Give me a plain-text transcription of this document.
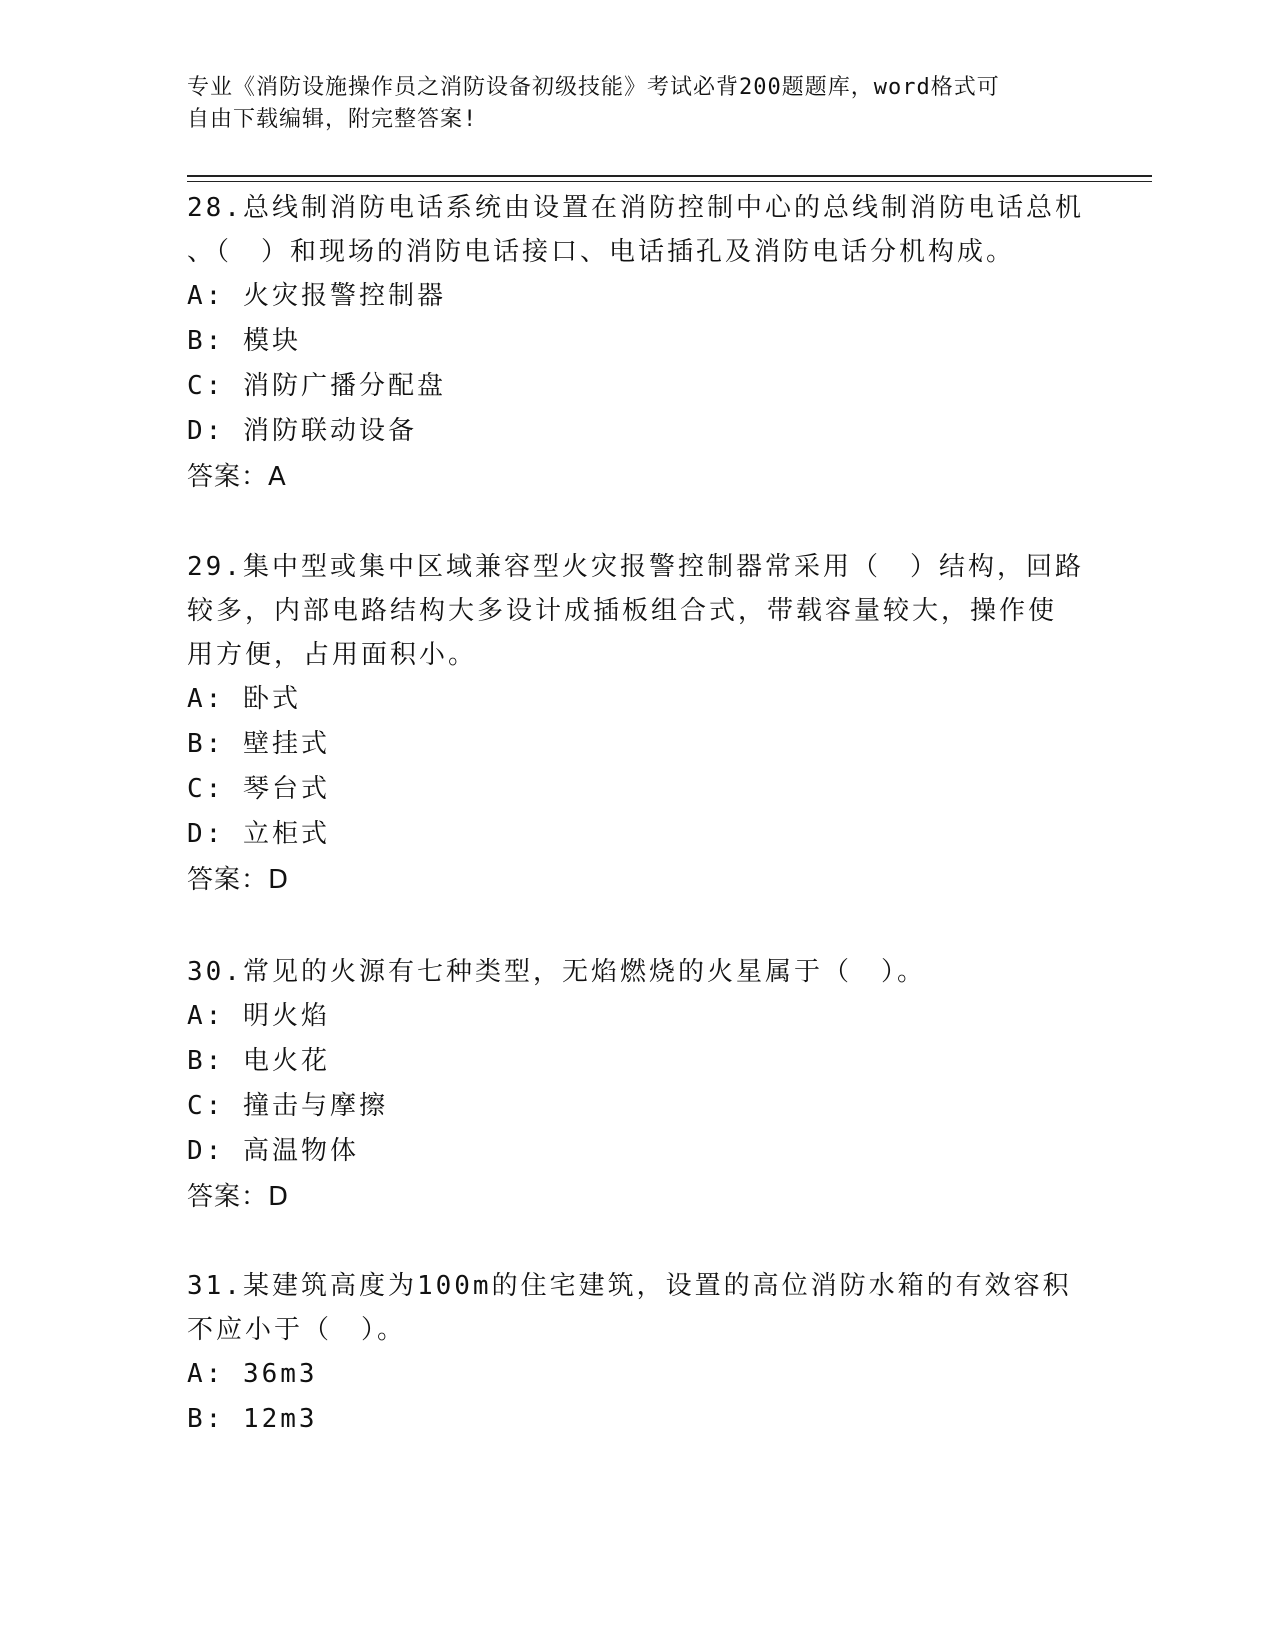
专业《消防设施操作员之消防设备初级技能》考试必背200题题库，word格式可

自由下载编辑，附完整答案!

28.总线制消防电话系统由设置在消防控制中心的总线制消防电话总机

、（　）和现场的消防电话接口、电话插孔及消防电话分机构成。

A: 火灾报警控制器

B: 模块

C: 消防广播分配盘

D: 消防联动设备

答案：A

29.集中型或集中区域兼容型火灾报警控制器常采用（　）结构，回路

较多，内部电路结构大多设计成插板组合式，带载容量较大，操作使

用方便，占用面积小。

A: 卧式

B: 壁挂式

C: 琴台式

D: 立柜式

答案：D

30.常见的火源有七种类型，无焰燃烧的火星属于（　）。

A: 明火焰

B: 电火花

C: 撞击与摩擦

D: 高温物体

答案：D

31.某建筑高度为100m的住宅建筑，设置的高位消防水箱的有效容积

不应小于（　）。

A: 36m3

B: 12m3
